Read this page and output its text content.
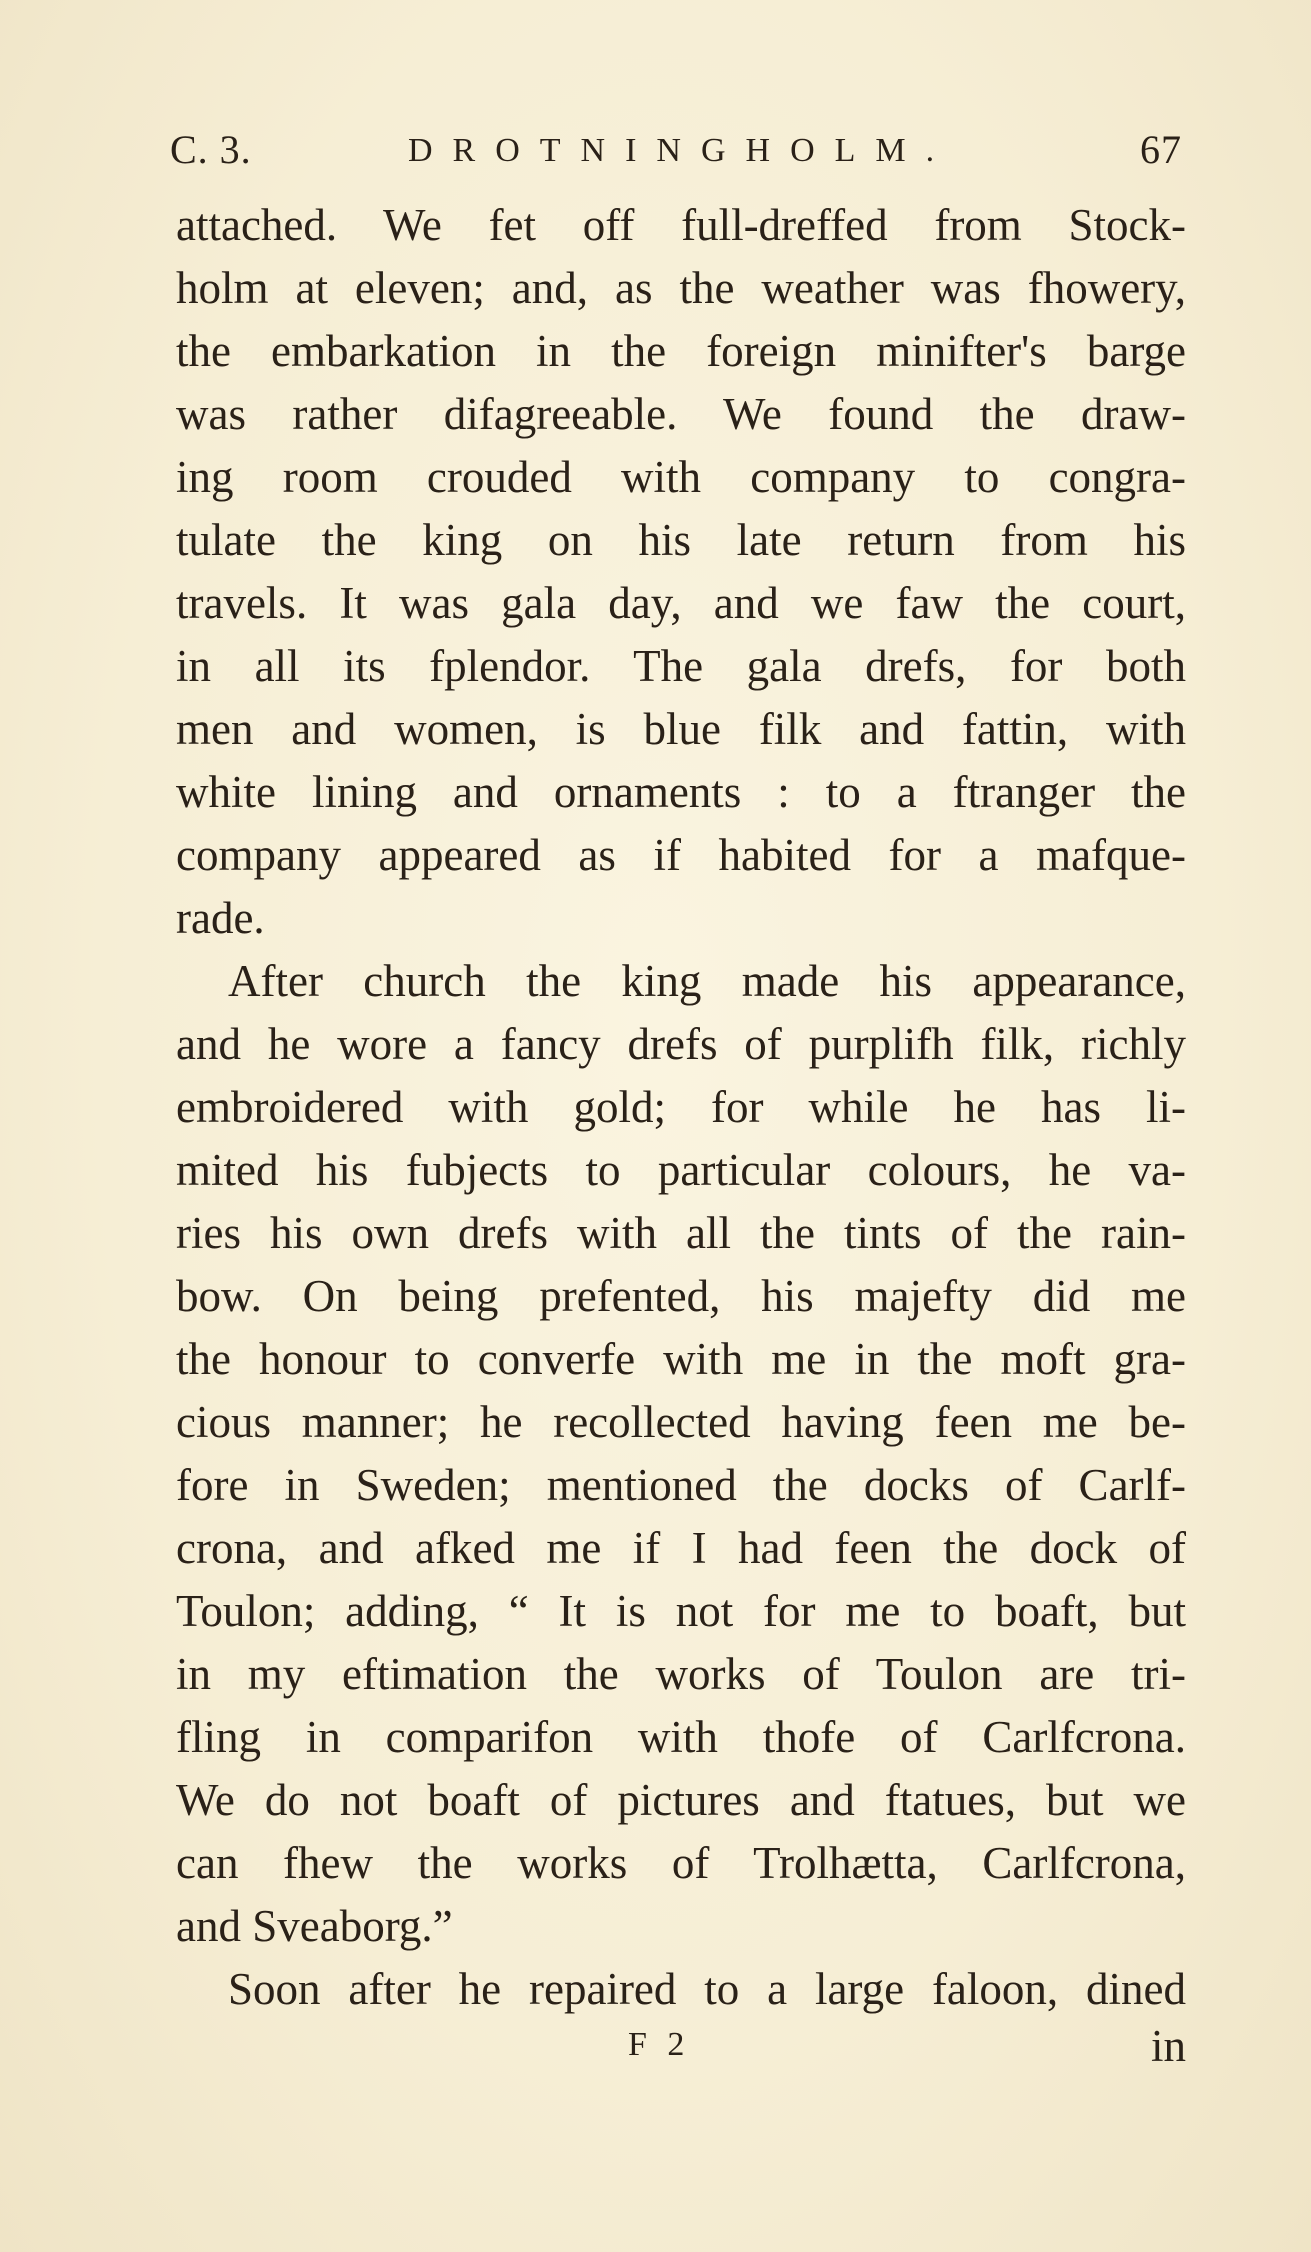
C. 3.	DROTNINGHOLM.	67
attached. We fet off full-dreffed from Stock-
holm at eleven; and, as the weather was fhowery,
the embarkation in the foreign minifter's barge
was rather difagreeable. We found the draw-
ing room crouded with company to congra-
tulate the king on his late return from his
travels. It was gala day, and we faw the court,
in all its fplendor. The gala drefs, for both
men and women, is blue filk and fattin, with
white lining and ornaments : to a ftranger the
company appeared as if habited for a mafque-
rade.
After church the king made his appearance,
and he wore a fancy drefs of purplifh filk, richly
embroidered with gold; for while he has li-
mited his fubjects to particular colours, he va-
ries his own drefs with all the tints of the rain-
bow. On being prefented, his majefty did me
the honour to converfe with me in the moft gra-
cious manner; he recollected having feen me be-
fore in Sweden; mentioned the docks of Carlf-
crona, and afked me if I had feen the dock of
Toulon; adding, “ It is not for me to boaft, but
in my eftimation the works of Toulon are tri-
fling in comparifon with thofe of Carlfcrona.
We do not boaft of pictures and ftatues, but we
can fhew the works of Trolhætta, Carlfcrona,
and Sveaborg.”
Soon after he repaired to a large faloon, dined
F 2	in
